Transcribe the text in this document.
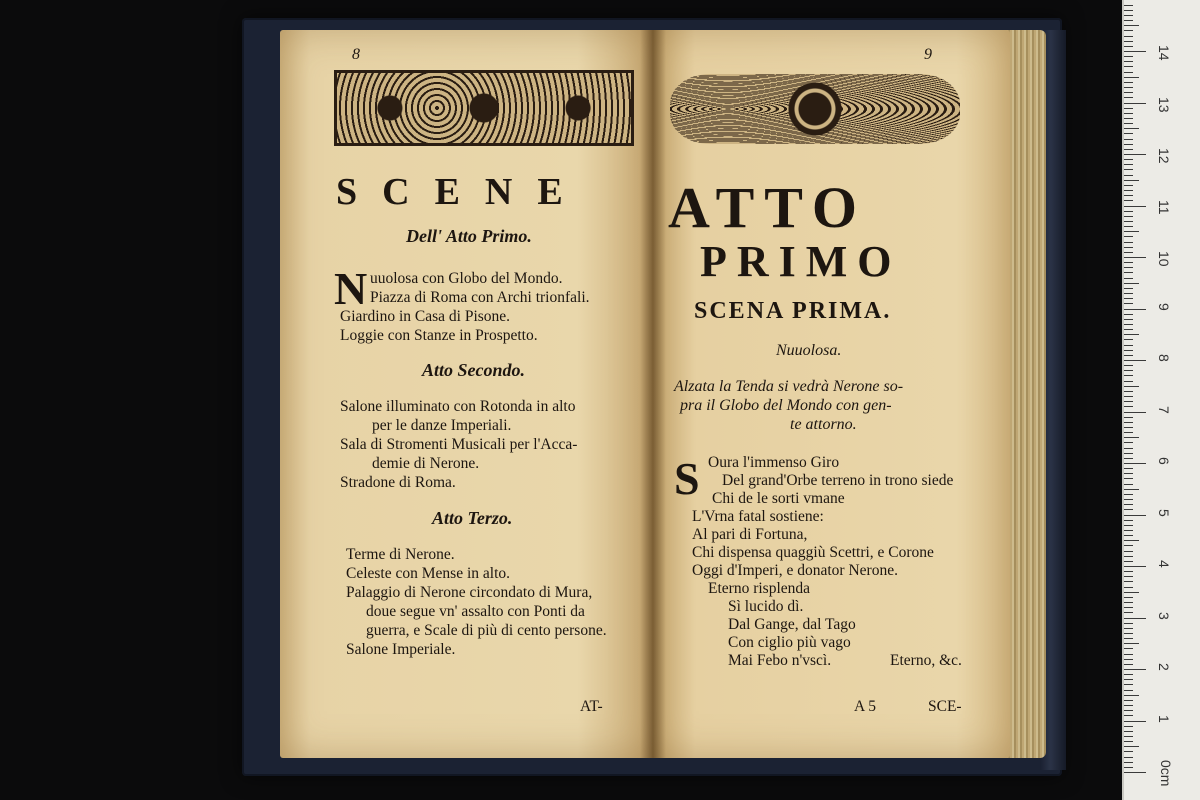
8
SCENE
Dell' Atto Primo.
N uuolosa con Globo del Mondo.
Piazza di Roma con Archi trionfali.
Giardino in Casa di Pisone.
Loggie con Stanze in Prospetto.
Atto Secondo.
Salone illuminato con Rotonda in alto
per le danze Imperiali.
Sala di Stromenti Musicali per l'Acca-
demie di Nerone.
Stradone di Roma.
Atto Terzo.
Terme di Nerone.
Celeste con Mense in alto.
Palaggio di Nerone circondato di Mura,
doue segue vn' assalto con Ponti da
guerra, e Scale di più di cento persone.
Salone Imperiale.
AT-
9
ATTO
PRIMO
SCENA PRIMA.
Nuuolosa.
Alzata la Tenda si vedrà Nerone so-
pra il Globo del Mondo con gen-
te attorno.
S Oura l'immenso Giro
Del grand'Orbe terreno in trono siede
Chi de le sorti vmane
L'Vrna fatal sostiene:
Al pari di Fortuna,
Chi dispensa quaggiù Scettri, e Corone
Oggi d'Imperi, e donator Nerone.
Eterno risplenda
Sì lucido dì.
Dal Gange, dal Tago
Con ciglio più vago
Mai Febo n'vscì.	Eterno, &c.
A 5	SCE-
0cm
1
2
3
4
5
6
7
8
9
10
11
12
13
14
